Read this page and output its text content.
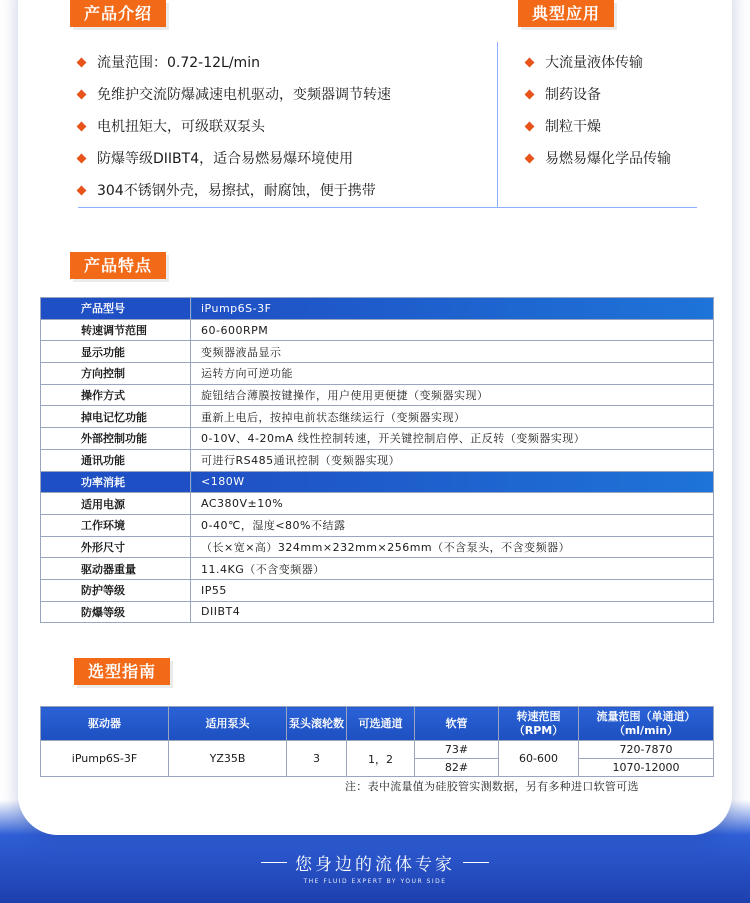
产品介绍	典型应用
流量范围：0.72-12L/min
免维护交流防爆减速电机驱动，变频器调节转速
电机扭矩大，可级联双泵头
防爆等级DIIBT4，适合易燃易爆环境使用
304不锈钢外壳，易擦拭，耐腐蚀，便于携带
大流量液体传输
制药设备
制粒干燥
易燃易爆化学品传输
产品特点
产品型号	iPump6S-3F
转速调节范围	60-600RPM
显示功能	变频器液晶显示
方向控制	运转方向可逆功能
操作方式	旋钮结合薄膜按键操作，用户使用更便捷（变频器实现）
掉电记忆功能	重新上电后，按掉电前状态继续运行（变频器实现）
外部控制功能	0-10V、4-20mA 线性控制转速，开关键控制启停、正反转（变频器实现）
通讯功能	可进行RS485通讯控制（变频器实现）
功率消耗	<180W
适用电源	AC380V±10%
工作环境	0-40℃，湿度<80%不结露
外形尺寸	（长×宽×高）324mm×232mm×256mm（不含泵头，不含变频器）
驱动器重量	11.4KG（不含变频器）
防护等级	IP55
防爆等级	DIIBT4
选型指南
驱动器	适用泵头	泵头滚轮数	可选通道	软管	转速范围（RPM）	流量范围（单通道）（ml/min）
iPump6S-3F	YZ35B	3	1，2	73#	60-600	720-7870
				82#		1070-12000
注：表中流量值为硅胶管实测数据，另有多种进口软管可选
您身边的流体专家
THE FLUID EXPERT BY YOUR SIDE
